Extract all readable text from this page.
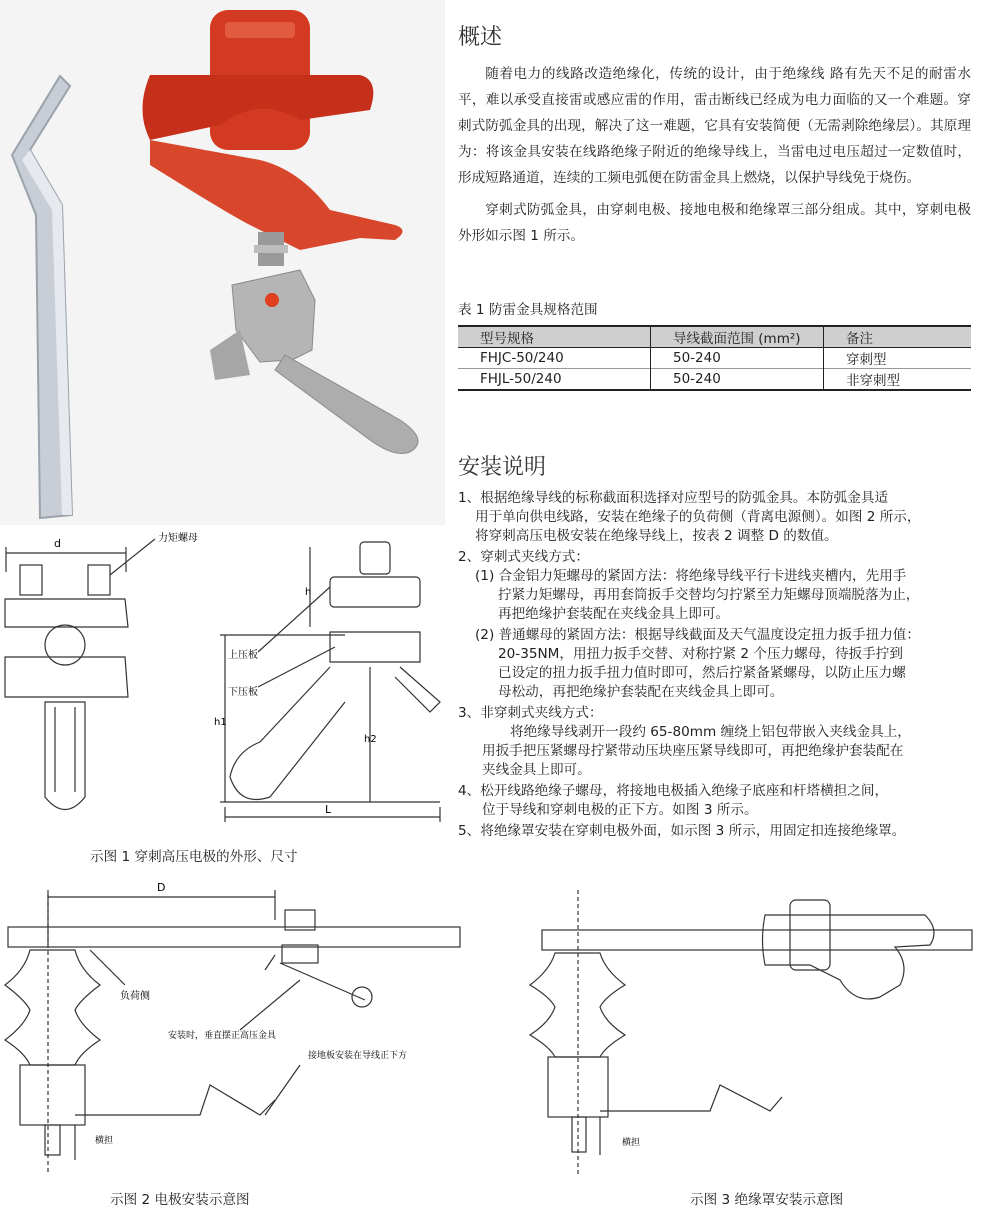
概述

随着电力的线路改造绝缘化，传统的设计，由于绝缘线 路有先天不足的耐雷水平，难以承受直接雷或感应雷的作用，雷击断线已经成为电力面临的又一个难题。穿刺式防弧金具的出现，解决了这一难题，它具有安装简便（无需剥除绝缘层）。其原理为：将该金具安装在线路绝缘子附近的绝缘导线上，当雷电过电压超过一定数值时，形成短路通道，连续的工频电弧便在防雷金具上燃烧，以保护导线免于烧伤。

穿刺式防弧金具，由穿刺电极、接地电极和绝缘罩三部分组成。其中，穿刺电极外形如示图 1 所示。

表 1 防雷金具规格范围
型号规格	导线截面范围 (mm²)	备注
FHJC-50/240	50-240	穿刺型
FHJL-50/240	50-240	非穿刺型
安装说明
1、根据绝缘导线的标称截面积选择对应型号的防弧金具。本防弧金具适
用于单向供电线路，安装在绝缘子的负荷侧（背离电源侧）。如图 2 所示，
将穿刺高压电极安装在绝缘导线上，按表 2 调整 D 的数值。
2、穿刺式夹线方式：
(1) 合金铝力矩螺母的紧固方法：将绝缘导线平行卡进线夹槽内，先用手
拧紧力矩螺母，再用套筒扳手交替均匀拧紧至力矩螺母顶端脱落为止，
再把绝缘护套装配在夹线金具上即可。
(2) 普通螺母的紧固方法：根据导线截面及天气温度设定扭力扳手扭力值：
20-35NM，用扭力扳手交替、对称拧紧 2 个压力螺母，待扳手拧到
已设定的扭力扳手扭力值时即可，然后拧紧备紧螺母，以防止压力螺
母松动，再把绝缘护套装配在夹线金具上即可。
3、非穿刺式夹线方式：
将绝缘导线剥开一段约 65-80mm 缠绕上铝包带嵌入夹线金具上，
用扳手把压紧螺母拧紧带动压块座压紧导线即可，再把绝缘护套装配在
夹线金具上即可。
4、松开线路绝缘子螺母，将接地电极插入绝缘子底座和杆塔横担之间，
位于导线和穿刺电极的正下方。如图 3 所示。
5、将绝缘罩安装在穿刺电极外面，如示图 3 所示，用固定扣连接绝缘罩。
d	力矩螺母
h
上压板
下压板
h1
h2
L
示图 1 穿刺高压电极的外形、尺寸
D
负荷侧
安装时，垂直摆正高压金具
接地板安装在导线正下方
横担
示图 2 电极安装示意图
横担
示图 3 绝缘罩安装示意图
